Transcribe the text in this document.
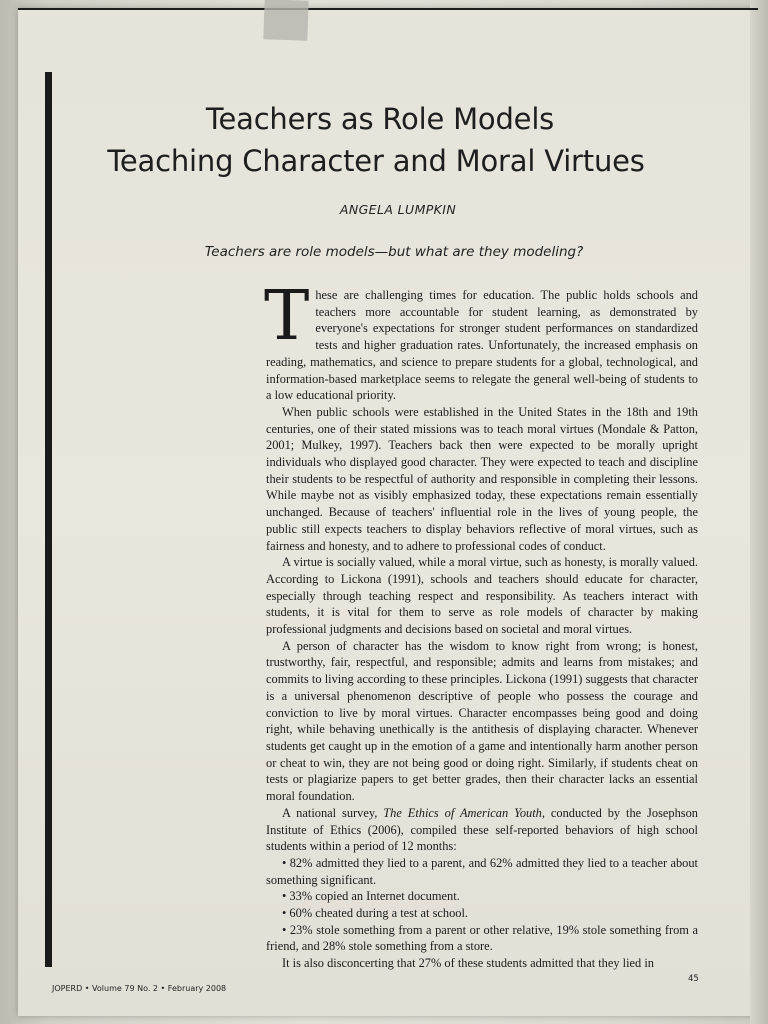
Teachers as Role Models
Teaching Character and Moral Virtues
ANGELA LUMPKIN
Teachers are role models—but what are they modeling?

These are challenging times for education. The public holds schools and teachers more accountable for student learning, as demonstrated by everyone's expectations for stronger student performances on standardized tests and higher graduation rates. Unfortunately, the increased emphasis on reading, mathematics, and science to prepare students for a global, technological, and information-based marketplace seems to relegate the general well-being of students to a low educational priority.

When public schools were established in the United States in the 18th and 19th centuries, one of their stated missions was to teach moral virtues (Mondale & Patton, 2001; Mulkey, 1997). Teachers back then were expected to be morally upright individuals who displayed good character. They were expected to teach and discipline their students to be respectful of authority and responsible in completing their lessons. While maybe not as visibly emphasized today, these expectations remain essentially unchanged. Because of teachers' influential role in the lives of young people, the public still expects teachers to display behaviors reflective of moral virtues, such as fairness and honesty, and to adhere to professional codes of conduct.

A virtue is socially valued, while a moral virtue, such as honesty, is morally valued. According to Lickona (1991), schools and teachers should educate for character, especially through teaching respect and responsibility. As teachers interact with students, it is vital for them to serve as role models of character by making professional judgments and decisions based on societal and moral virtues.

A person of character has the wisdom to know right from wrong; is honest, trustworthy, fair, respectful, and responsible; admits and learns from mistakes; and commits to living according to these principles. Lickona (1991) suggests that character is a universal phenomenon descriptive of people who possess the courage and conviction to live by moral virtues. Character encompasses being good and doing right, while behaving unethically is the antithesis of displaying character. Whenever students get caught up in the emotion of a game and intentionally harm another person or cheat to win, they are not being good or doing right. Similarly, if students cheat on tests or plagiarize papers to get better grades, then their character lacks an essential moral foundation.

A national survey, The Ethics of American Youth, conducted by the Josephson Institute of Ethics (2006), compiled these self-reported behaviors of high school students within a period of 12 months:

• 82% admitted they lied to a parent, and 62% admitted they lied to a teacher about something significant.
• 33% copied an Internet document.
• 60% cheated during a test at school.
• 23% stole something from a parent or other relative, 19% stole something from a friend, and 28% stole something from a store.

It is also disconcerting that 27% of these students admitted that they lied in

JOPERD • Volume 79 No. 2 • February 2008
45
